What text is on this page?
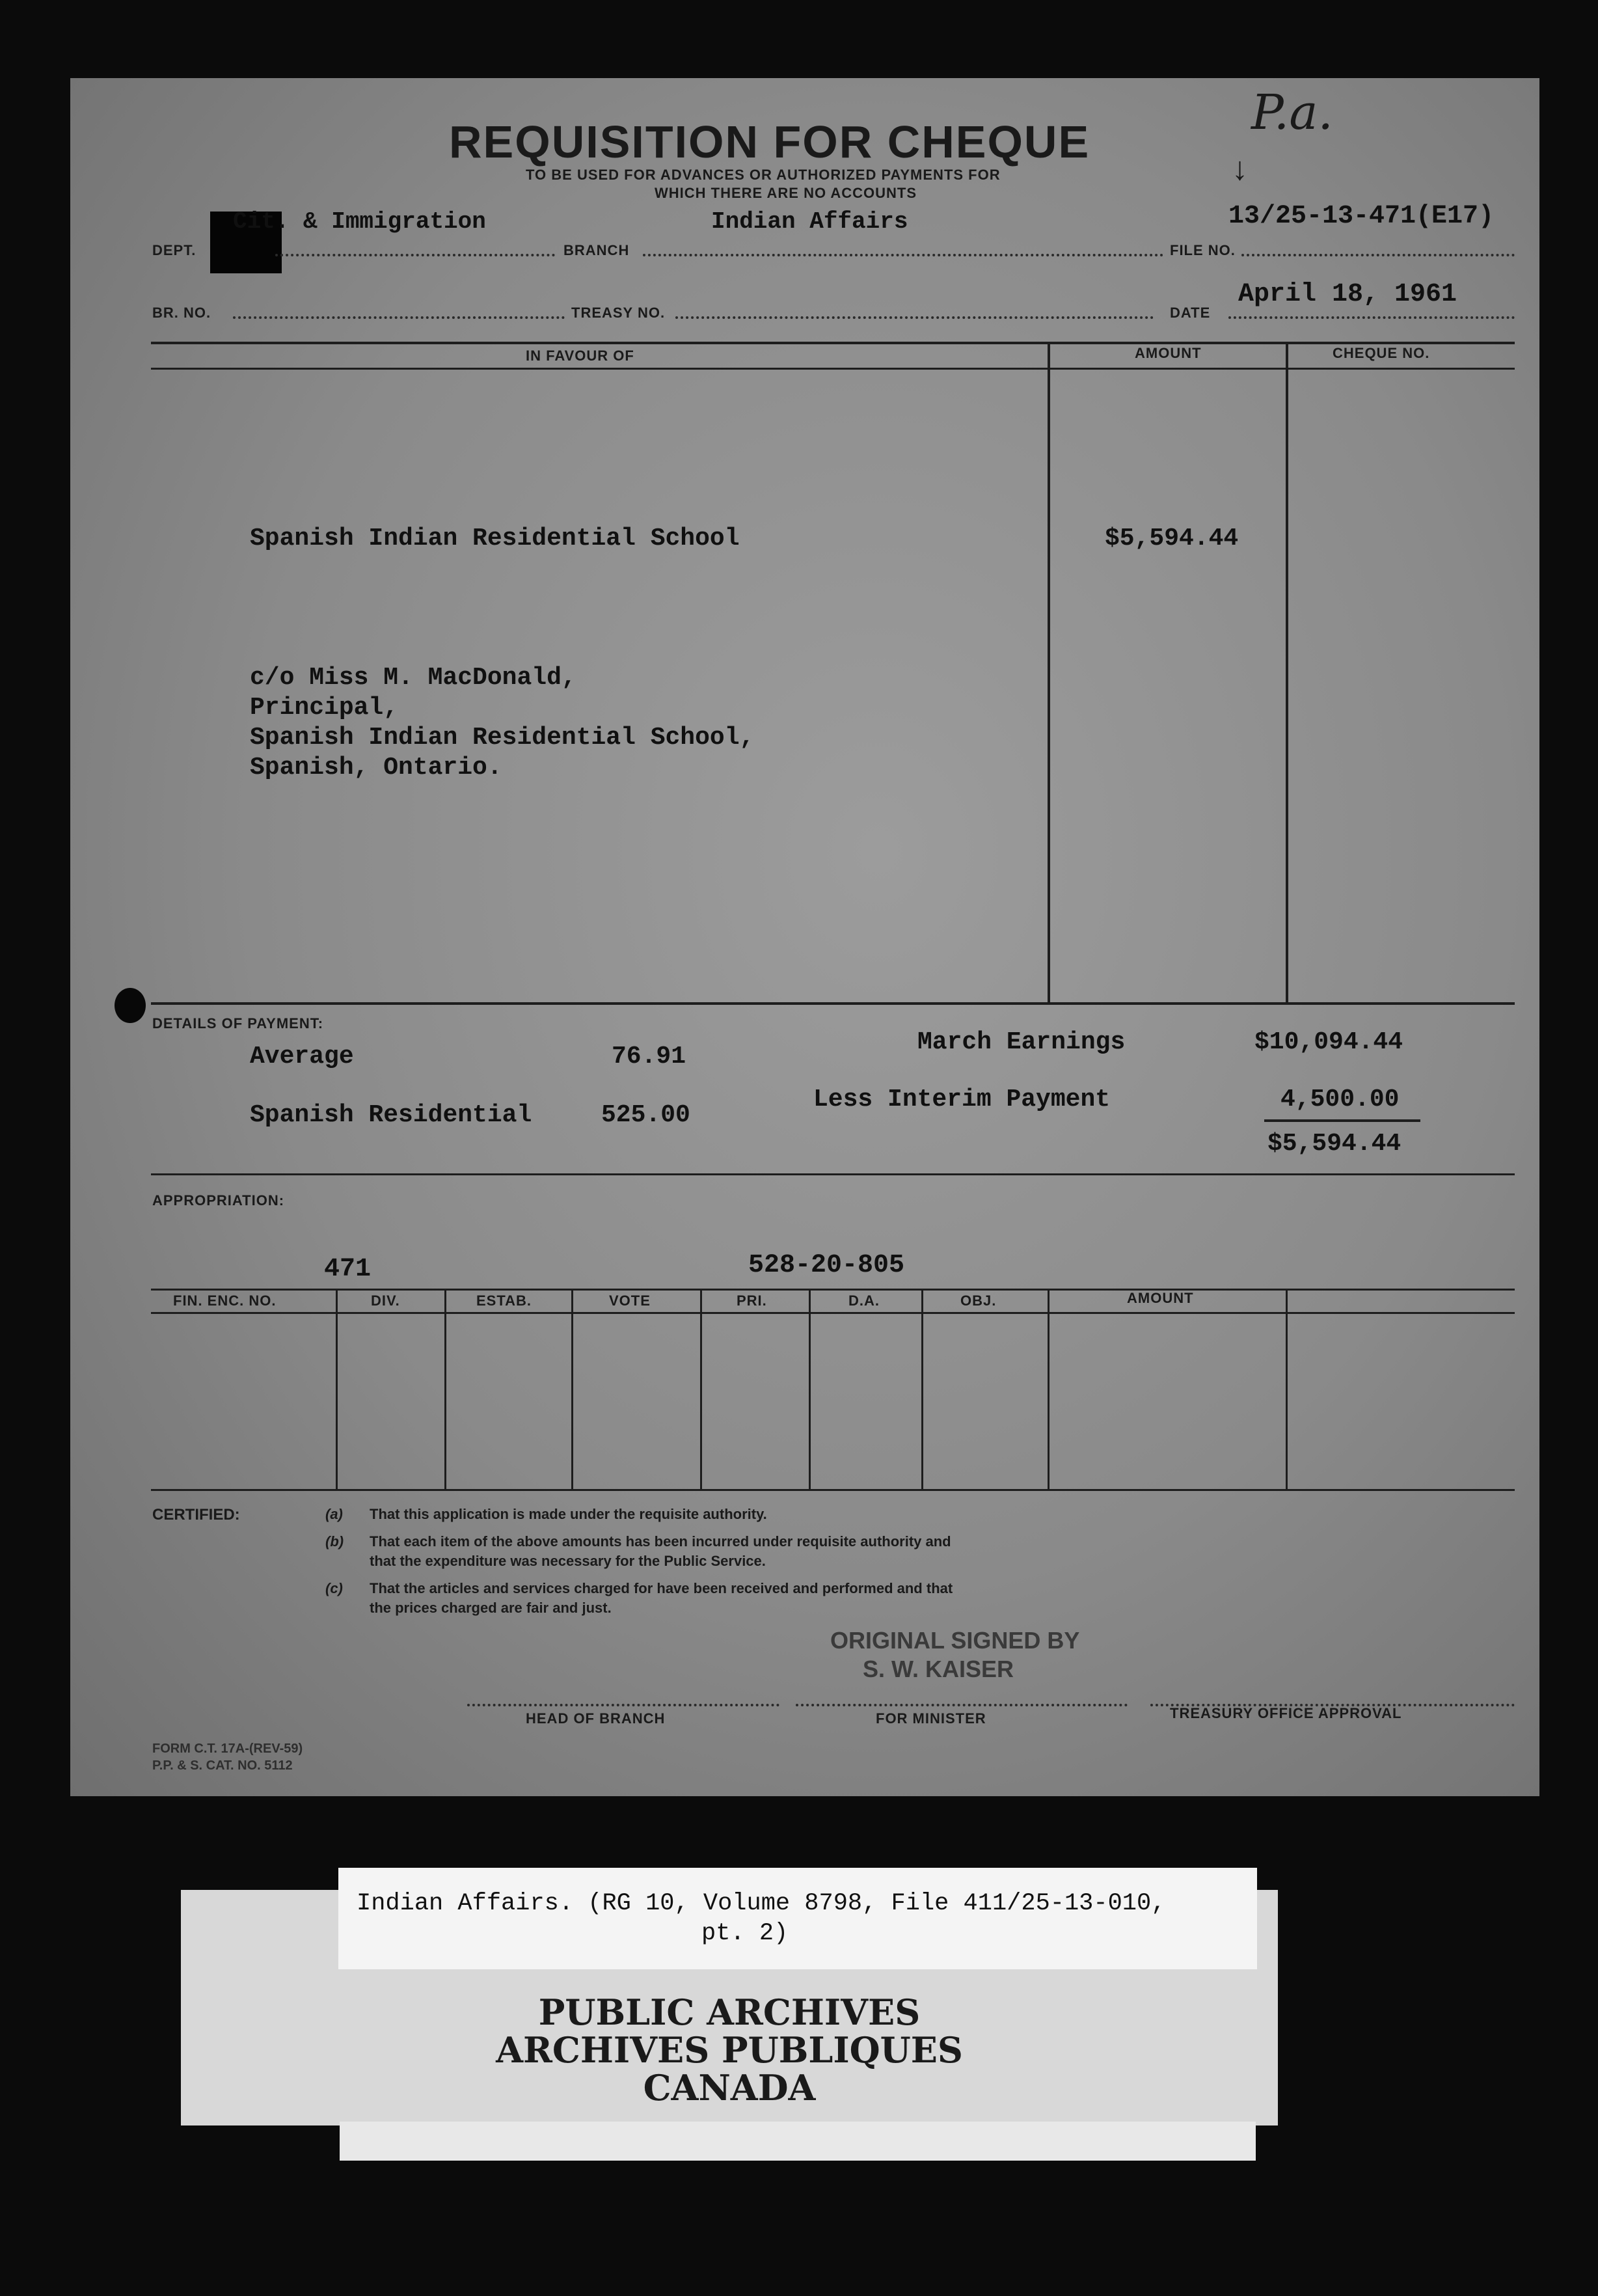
REQUISITION FOR CHEQUE
TO BE USED FOR ADVANCES OR AUTHORIZED PAYMENTS FOR
WHICH THERE ARE NO ACCOUNTS
P.a.
↓
DEPT.
Cit. & Immigration
BRANCH
Indian Affairs
FILE NO.
13/25-13-471(E17)
BR. NO.	TREASY NO.	DATE
April 18, 1961
IN FAVOUR OF	AMOUNT	CHEQUE NO.
Spanish Indian Residential School	$5,594.44
c/o Miss M. MacDonald,
Principal,
Spanish Indian Residential School,
Spanish, Ontario.
DETAILS OF PAYMENT:
Average	76.91
Spanish Residential	525.00
March Earnings	$10,094.44
Less Interim Payment	4,500.00
$5,594.44
APPROPRIATION:
471	528-20-805
FIN. ENC. NO.	DIV.	ESTAB.	VOTE	PRI.	D.A.	OBJ.	AMOUNT
CERTIFIED:	(a) That this application is made under the requisite authority.
(b) That each item of the above amounts has been incurred under requisite authority and
that the expenditure was necessary for the Public Service.
(c) That the articles and services charged for have been received and performed and that
the prices charged are fair and just.
ORIGINAL SIGNED BY
S. W. KAISER
HEAD OF BRANCH	FOR MINISTER	TREASURY OFFICE APPROVAL
FORM C.T. 17A-(REV-59)
P.P. & S. CAT. NO. 5112
Indian Affairs. (RG 10, Volume 8798, File 411/25-13-010,
pt. 2)
PUBLIC ARCHIVES
ARCHIVES PUBLIQUES
CANADA
